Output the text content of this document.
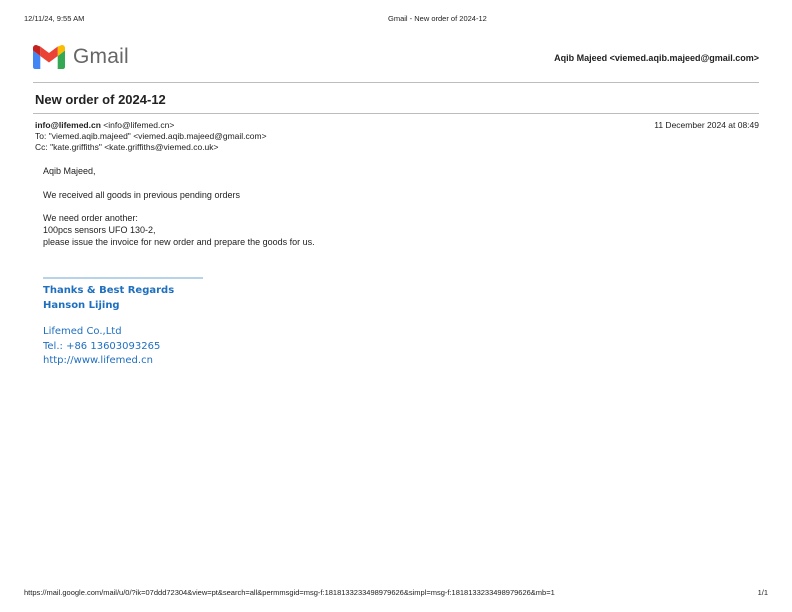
12/11/24, 9:55 AM	Gmail - New order of 2024-12
Gmail	Aqib Majeed <viemed.aqib.majeed@gmail.com>
New order of 2024-12
info@lifemed.cn <info@lifemed.cn>	11 December 2024 at 08:49
To: "viemed.aqib.majeed" <viemed.aqib.majeed@gmail.com>
Cc: "kate.griffiths" <kate.griffiths@viemed.co.uk>
Aqib Majeed,
We received all goods in previous pending orders
We need order another:
100pcs sensors UFO 130-2,
please issue the invoice for new order and prepare the goods for us.
Thanks & Best Regards
Hanson Lijing
Lifemed Co.,Ltd
Tel.: +86 13603093265
http://www.lifemed.cn
https://mail.google.com/mail/u/0/?ik=07ddd72304&view=pt&search=all&permmsgid=msg-f:1818133233498979626&simpl=msg-f:1818133233498979626&mb=1	1/1
